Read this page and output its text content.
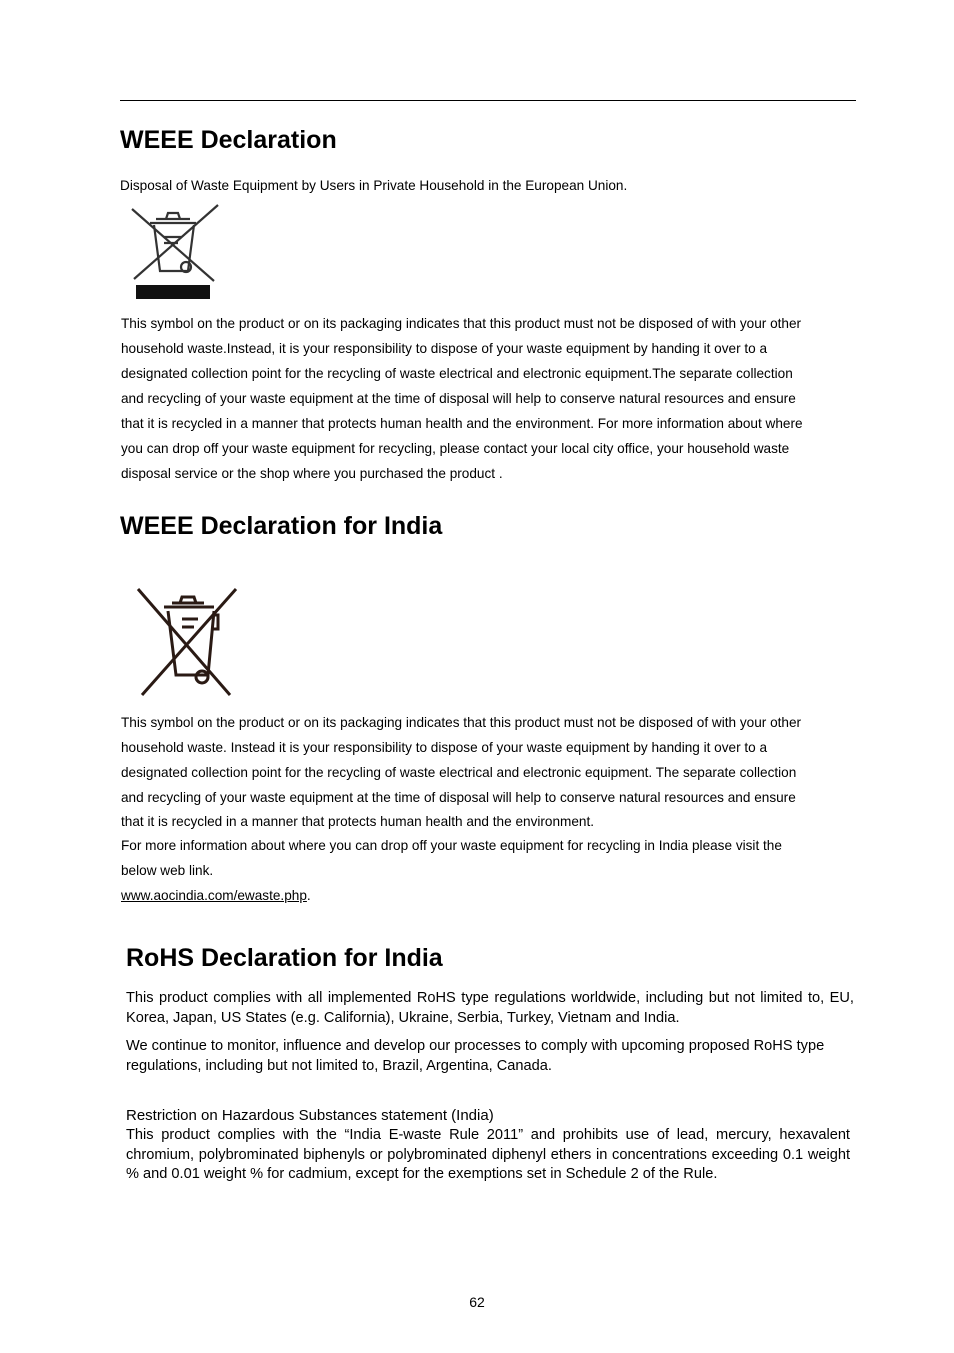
WEEE Declaration

Disposal of Waste Equipment by Users in Private Household in the European Union.

This symbol on the product or on its packaging indicates that this product must not be disposed of with your other
household waste.Instead, it is your responsibility to dispose of your waste equipment by handing it over to a
designated collection point for the recycling of waste electrical and electronic equipment.The separate collection
and recycling of your waste equipment at the time of disposal will help to conserve natural resources and ensure
that it is recycled in a manner that protects human health and the environment. For more information about where
you can drop off your waste equipment for recycling, please contact your local city office, your household waste
disposal service or the shop where you purchased the product .
WEEE Declaration for India
This symbol on the product or on its packaging indicates that this product must not be disposed of with your other
household waste. Instead it is your responsibility to dispose of your waste equipment by handing it over to a
designated collection point for the recycling of waste electrical and electronic equipment. The separate collection
and recycling of your waste equipment at the time of disposal will help to conserve natural resources and ensure
that it is recycled in a manner that protects human health and the environment.
For more information about where you can drop off your waste equipment for recycling in India please visit the
below web link.
www.aocindia.com/ewaste.php.
RoHS Declaration for India

This product complies with all implemented RoHS type regulations worldwide, including but not limited to, EU, Korea, Japan, US States (e.g. California), Ukraine, Serbia, Turkey, Vietnam and India.

We continue to monitor, influence and develop our processes to comply with upcoming proposed RoHS type regulations, including but not limited to, Brazil, Argentina, Canada.

Restriction on Hazardous Substances statement (India)

This product complies with the “India E-waste Rule 2011” and prohibits use of lead, mercury, hexavalent chromium, polybrominated biphenyls or polybrominated diphenyl ethers in concentrations exceeding 0.1 weight % and 0.01 weight % for cadmium, except for the exemptions set in Schedule 2 of the Rule.

62
